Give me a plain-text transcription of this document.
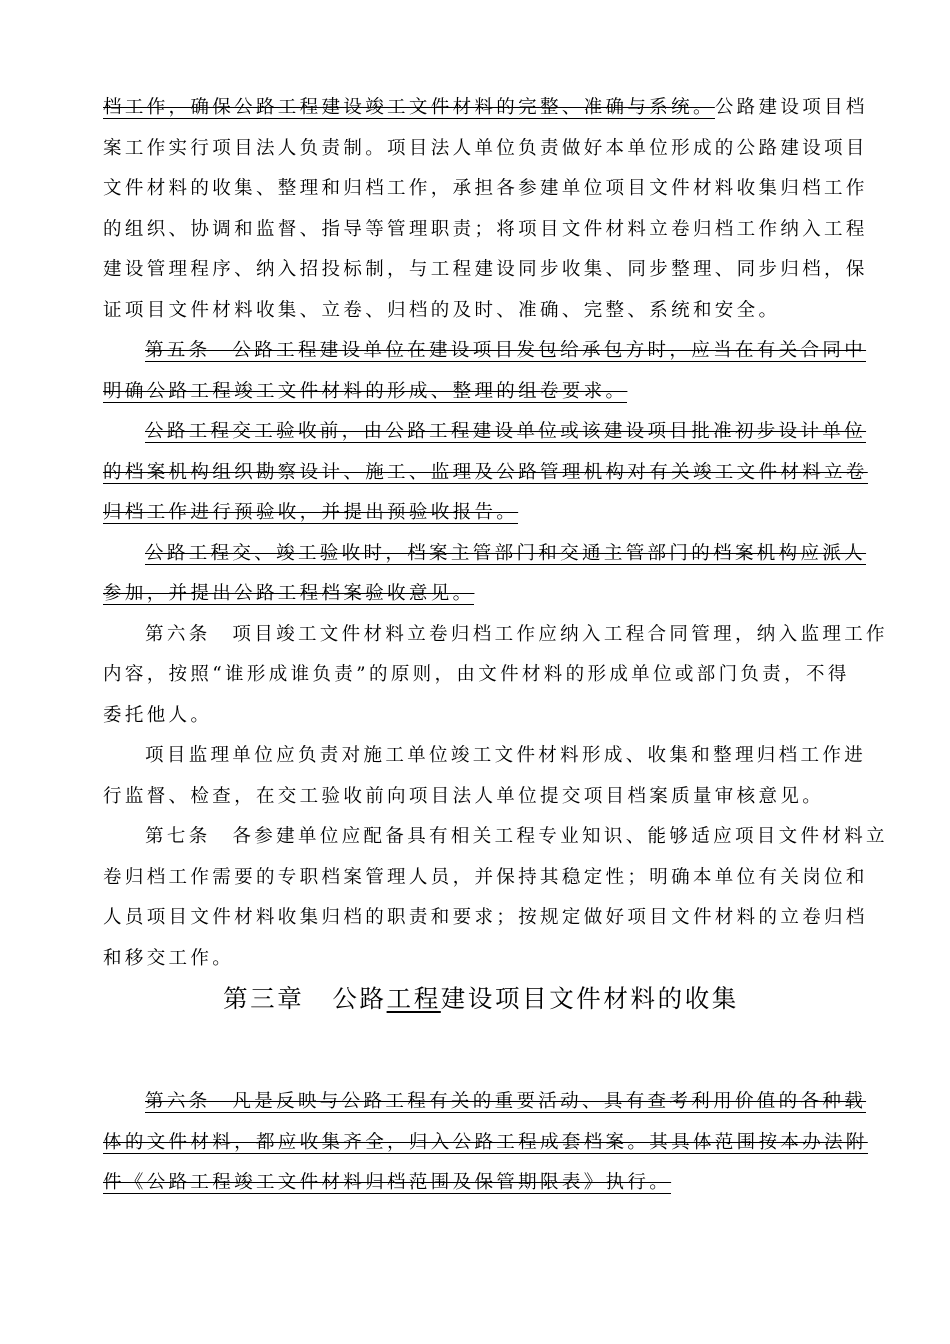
档工作，确保公路工程建设竣工文件材料的完整、准确与系统。公路建设项目档
案工作实行项目法人负责制。项目法人单位负责做好本单位形成的公路建设项目
文件材料的收集、整理和归档工作，承担各参建单位项目文件材料收集归档工作
的组织、协调和监督、指导等管理职责；将项目文件材料立卷归档工作纳入工程
建设管理程序、纳入招投标制，与工程建设同步收集、同步整理、同步归档，保
证项目文件材料收集、立卷、归档的及时、准确、完整、系统和安全。
第五条　公路工程建设单位在建设项目发包给承包方时，应当在有关合同中
明确公路工程竣工文件材料的形成、整理的组卷要求。
公路工程交工验收前，由公路工程建设单位或该建设项目批准初步设计单位
的档案机构组织勘察设计、施工、监理及公路管理机构对有关竣工文件材料立卷
归档工作进行预验收，并提出预验收报告。
公路工程交、竣工验收时，档案主管部门和交通主管部门的档案机构应派人
参加，并提出公路工程档案验收意见。
第六条　项目竣工文件材料立卷归档工作应纳入工程合同管理，纳入监理工作
内容，按照“谁形成谁负责”的原则，由文件材料的形成单位或部门负责，不得
委托他人。
项目监理单位应负责对施工单位竣工文件材料形成、收集和整理归档工作进
行监督、检查，在交工验收前向项目法人单位提交项目档案质量审核意见。
第七条　各参建单位应配备具有相关工程专业知识、能够适应项目文件材料立
卷归档工作需要的专职档案管理人员，并保持其稳定性；明确本单位有关岗位和
人员项目文件材料收集归档的职责和要求；按规定做好项目文件材料的立卷归档
和移交工作。
第三章 公路工程建设项目文件材料的收集
第六条　凡是反映与公路工程有关的重要活动、具有查考利用价值的各种载
体的文件材料，都应收集齐全，归入公路工程成套档案。其具体范围按本办法附
件《公路工程竣工文件材料归档范围及保管期限表》执行。
